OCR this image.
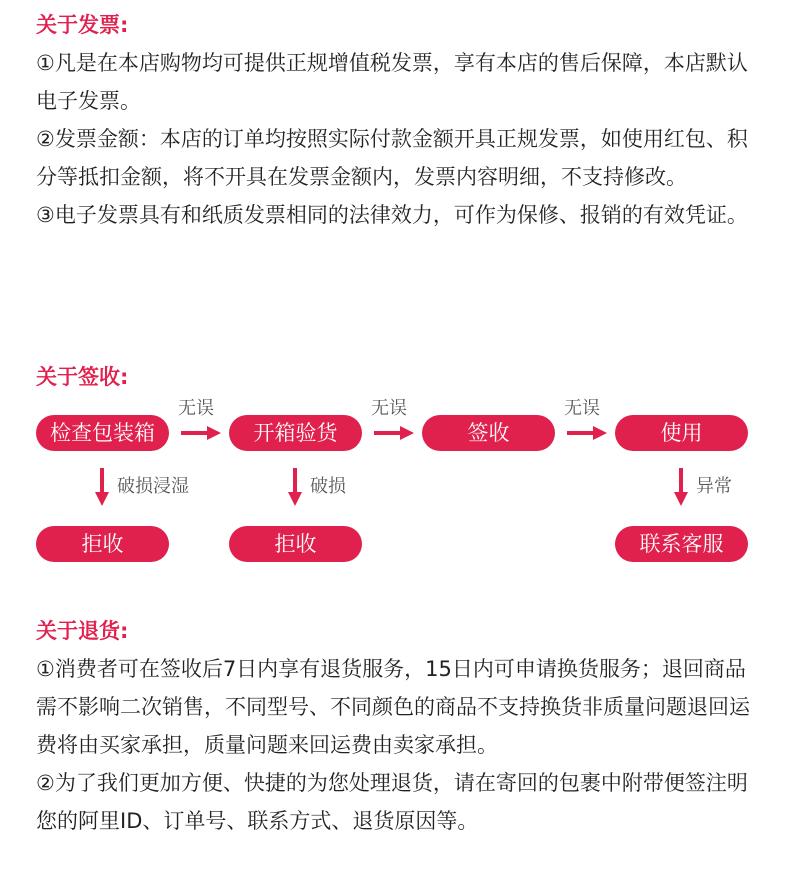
关于发票:

①凡是在本店购物均可提供正规增值税发票，享有本店的售后保障，本店默认电子发票。

②发票金额：本店的订单均按照实际付款金额开具正规发票，如使用红包、积分等抵扣金额，将不开具在发票金额内，发票内容明细，不支持修改。

③电子发票具有和纸质发票相同的法律效力，可作为保修、报销的有效凭证。

关于签收:
无误	无误	无误
检查包装箱	开箱验货	签收	使用
破损浸湿	破损	异常
拒收	拒收	联系客服
关于退货:

①消费者可在签收后7日内享有退货服务，15日内可申请换货服务；退回商品需不影响二次销售，不同型号、不同颜色的商品不支持换货非质量问题退回运费将由买家承担，质量问题来回运费由卖家承担。

②为了我们更加方便、快捷的为您处理退货，请在寄回的包裹中附带便签注明您的阿里ID、订单号、联系方式、退货原因等。
